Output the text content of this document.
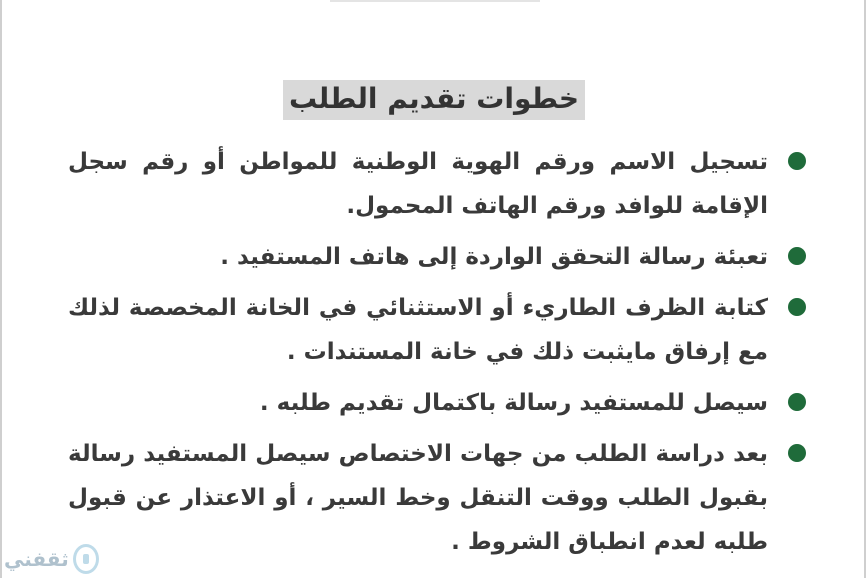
خطوات تقديم الطلب
تسجيل الاسم ورقم الهوية الوطنية للمواطن أو رقم سجل الإقامة للوافد ورقم الهاتف المحمول.
تعبئة رسالة التحقق الواردة إلى هاتف المستفيد .
كتابة الظرف الطاريء أو الاستثنائي في الخانة المخصصة لذلك مع إرفاق مايثبت ذلك في خانة المستندات .
سيصل للمستفيد رسالة باكتمال تقديم طلبه .
بعد دراسة الطلب من جهات الاختصاص سيصل المستفيد رسالة بقبول الطلب ووقت التنقل وخط السير ، أو الاعتذار عن قبول طلبه لعدم انطباق الشروط .
ثقفني
